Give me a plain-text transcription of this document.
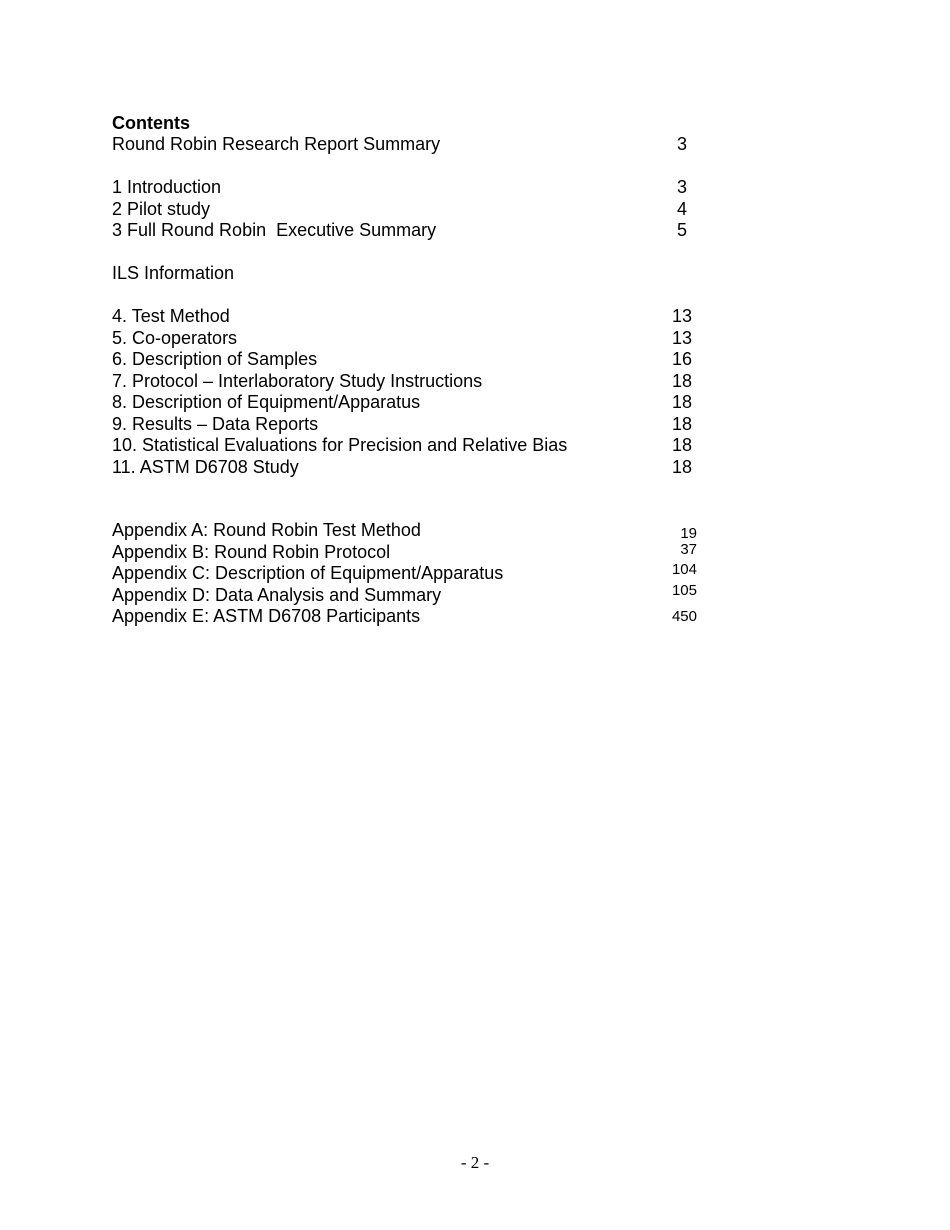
Contents
Round Robin Research Report Summary	3
1 Introduction	3
2 Pilot study	4
3 Full Round Robin  Executive Summary	5
ILS Information
4. Test Method	13
5. Co-operators	13
6. Description of Samples	16
7. Protocol – Interlaboratory Study Instructions	18
8. Description of Equipment/Apparatus	18
9. Results – Data Reports	18
10. Statistical Evaluations for Precision and Relative Bias	18
11. ASTM D6708 Study	18
Appendix A: Round Robin Test Method	19
Appendix B: Round Robin Protocol	37
Appendix C: Description of Equipment/Apparatus	104
Appendix D: Data Analysis and Summary	105
Appendix E: ASTM D6708 Participants	450
- 2 -
